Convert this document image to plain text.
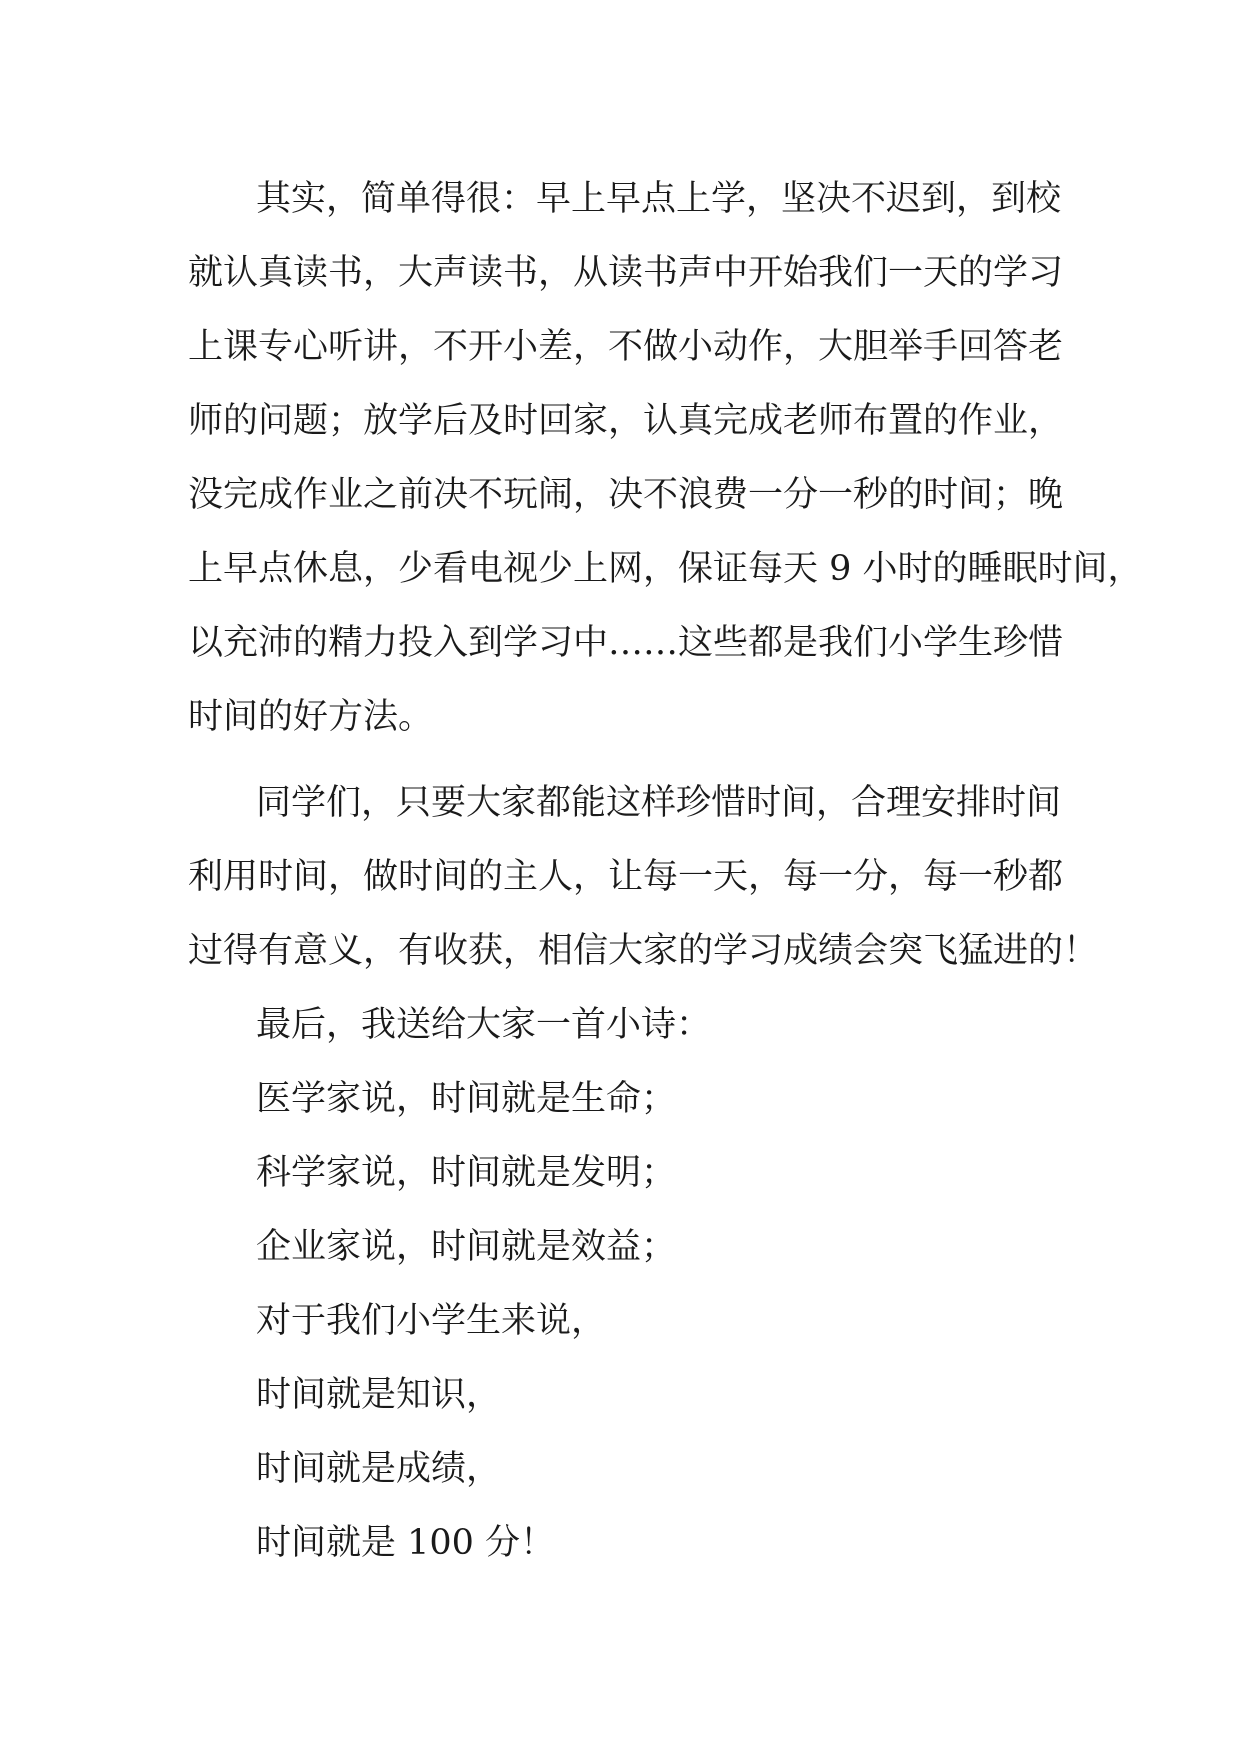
其实，简单得很：早上早点上学，坚决不迟到，到校
就认真读书，大声读书，从读书声中开始我们一天的学习
上课专心听讲，不开小差，不做小动作，大胆举手回答老
师的问题；放学后及时回家，认真完成老师布置的作业，
没完成作业之前决不玩闹，决不浪费一分一秒的时间；晚
上早点休息，少看电视少上网，保证每天 9 小时的睡眠时间，
以充沛的精力投入到学习中……这些都是我们小学生珍惜
时间的好方法。
同学们，只要大家都能这样珍惜时间，合理安排时间
利用时间，做时间的主人，让每一天，每一分，每一秒都
过得有意义，有收获，相信大家的学习成绩会突飞猛进的！
最后，我送给大家一首小诗：
医学家说，时间就是生命；
科学家说，时间就是发明；
企业家说，时间就是效益；
对于我们小学生来说，
时间就是知识，
时间就是成绩，
时间就是 100 分！
